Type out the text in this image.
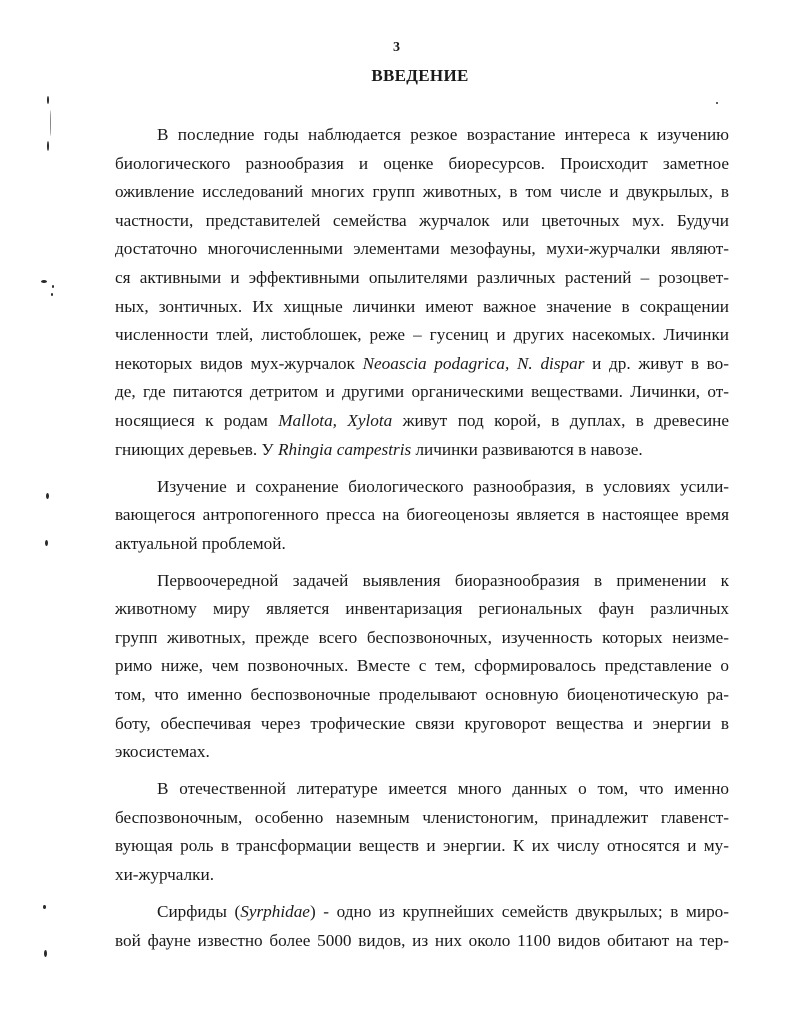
3
ВВЕДЕНИЕ
В последние годы наблюдается резкое возрастание интереса к изучению
биологического разнообразия и оценке биоресурсов. Происходит заметное
оживление исследований многих групп животных, в том числе и двукрылых, в
частности, представителей семейства журчалок или цветочных мух. Будучи
достаточно многочисленными элементами мезофауны, мухи-журчалки являют-
ся активными и эффективными опылителями различных растений – розоцвет-
ных, зонтичных. Их хищные личинки имеют важное значение в сокращении
численности тлей, листоблошек, реже – гусениц и других насекомых. Личинки
некоторых видов мух-журчалок Neoascia podagrica, N. dispar и др. живут в во-
де, где питаются детритом и другими органическими веществами. Личинки, от-
носящиеся к родам Mallota, Xylota живут под корой, в дуплах, в древесине
гниющих деревьев. У Rhingia campestris личинки развиваются в навозе.
Изучение и сохранение биологического разнообразия, в условиях усили-
вающегося антропогенного пресса на биогеоценозы является в настоящее время
актуальной проблемой.
Первоочередной задачей выявления биоразнообразия в применении к
животному миру является инвентаризация региональных фаун различных
групп животных, прежде всего беспозвоночных, изученность которых неизме-
римо ниже, чем позвоночных. Вместе с тем, сформировалось представление о
том, что именно беспозвоночные проделывают основную биоценотическую ра-
боту, обеспечивая через трофические связи круговорот вещества и энергии в
экосистемах.
В отечественной литературе имеется много данных о том, что именно
беспозвоночным, особенно наземным членистоногим, принадлежит главенст-
вующая роль в трансформации веществ и энергии. К их числу относятся и му-
хи-журчалки.
Сирфиды (Syrphidae) - одно из крупнейших семейств двукрылых; в миро-
вой фауне известно более 5000 видов, из них около 1100 видов обитают на тер-
